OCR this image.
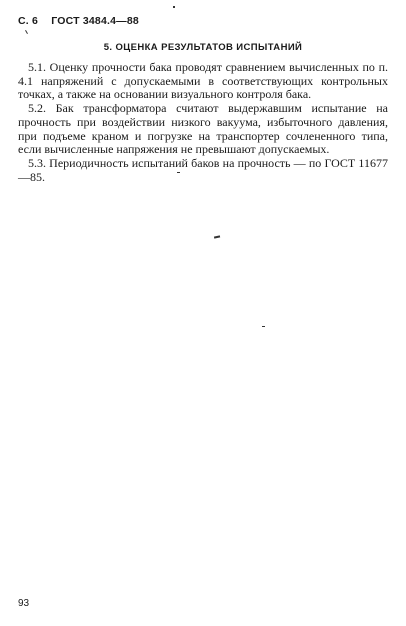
С. 6 ГОСТ 3484.4—88
5. ОЦЕНКА РЕЗУЛЬТАТОВ ИСПЫТАНИЙ

5.1. Оценку прочности бака проводят сравнением вычисленных по п. 4.1 напряжений с допускаемыми в соответствующих контрольных точках, а также на основании визуального контроля бака.

5.2. Бак трансформатора считают выдержавшим испытание на прочность при воздействии низкого вакуума, избыточного давления, при подъеме краном и погрузке на транспортер сочлененного типа, если вычисленные напряжения не превышают допускаемых.

5.3. Периодичность испытаний баков на прочность — по ГОСТ 11677—85.

93
